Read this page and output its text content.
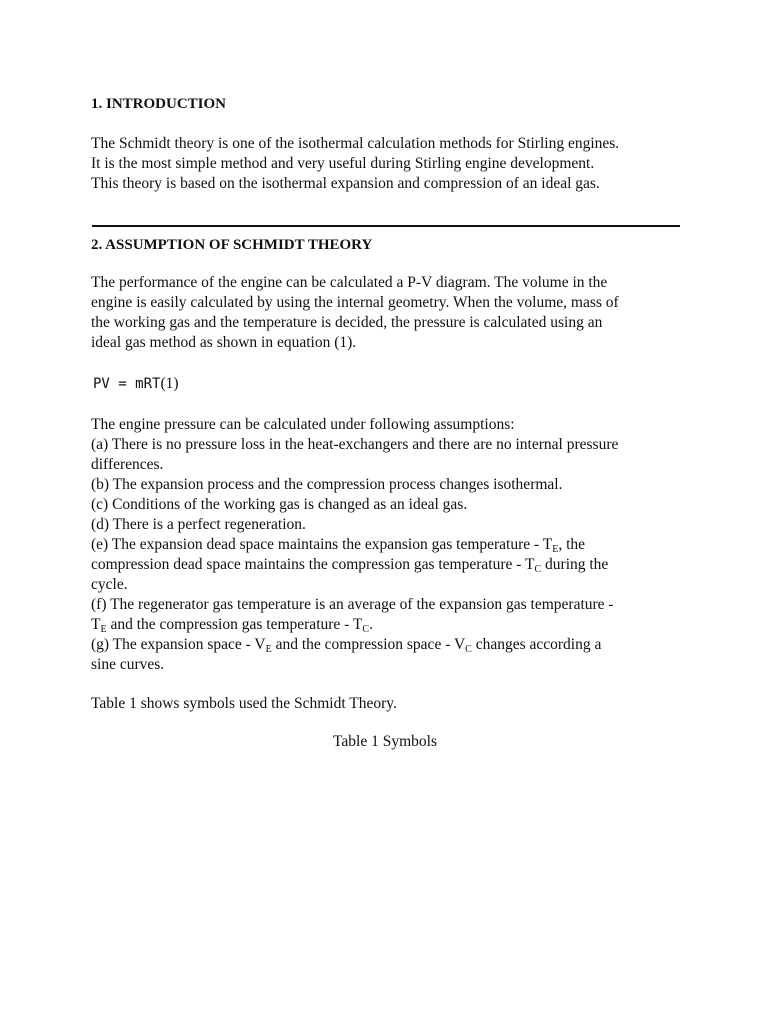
1. INTRODUCTION

The Schmidt theory is one of the isothermal calculation methods for Stirling engines.
It is the most simple method and very useful during Stirling engine development.
This theory is based on the isothermal expansion and compression of an ideal gas.

2. ASSUMPTION OF SCHMIDT THEORY

The performance of the engine can be calculated a P-V diagram. The volume in the
engine is easily calculated by using the internal geometry. When the volume, mass of
the working gas and the temperature is decided, the pressure is calculated using an
ideal gas method as shown in equation (1).

PV = mRT(1)

The engine pressure can be calculated under following assumptions:
(a) There is no pressure loss in the heat-exchangers and there are no internal pressure
differences.
(b) The expansion process and the compression process changes isothermal.
(c) Conditions of the working gas is changed as an ideal gas.
(d) There is a perfect regeneration.
(e) The expansion dead space maintains the expansion gas temperature - $T_E$, the
compression dead space maintains the compression gas temperature - $T_C$ during the
cycle.
(f) The regenerator gas temperature is an average of the expansion gas temperature -
$T_E$ and the compression gas temperature - $T_C$.
(g) The expansion space - $V_E$ and the compression space - $V_C$ changes according a
sine curves.

Table 1 shows symbols used the Schmidt Theory.

Table 1 Symbols
